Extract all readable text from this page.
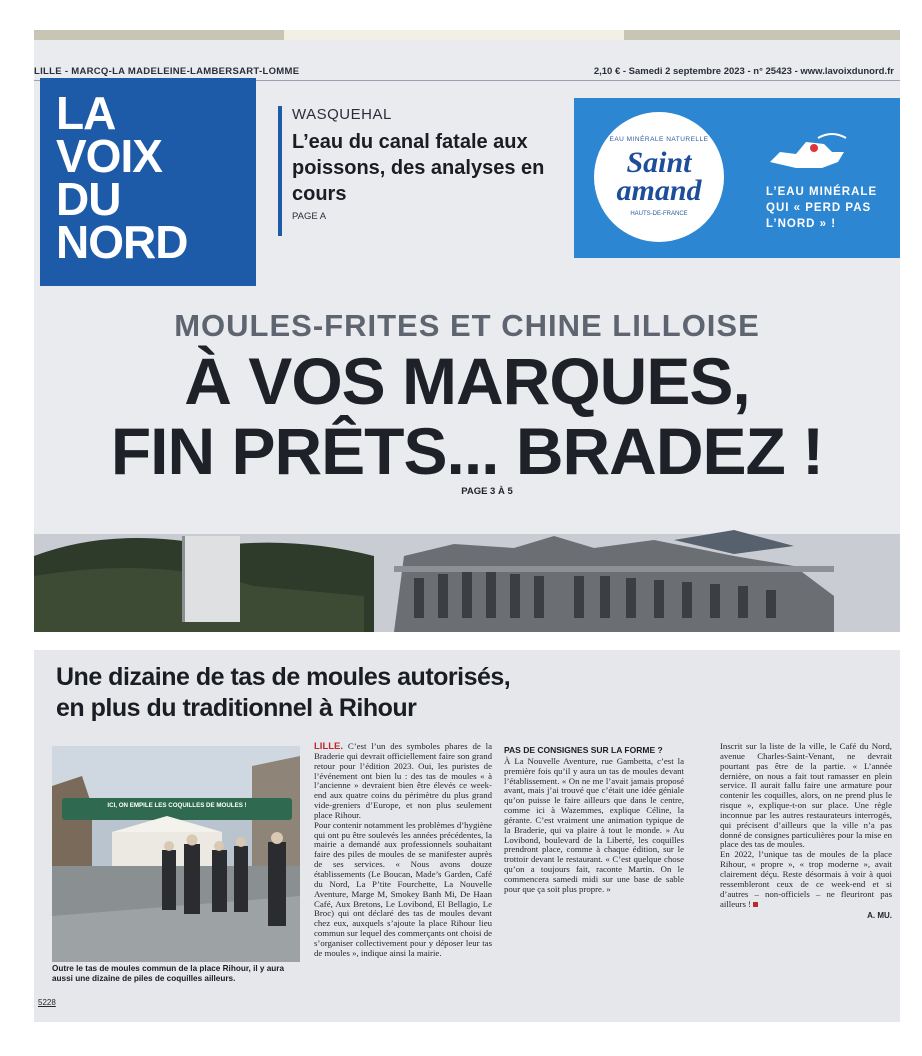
En tête LILLE - MARCQ-LA MADELEINE-LAMBERSART-LOMME	2,10 € - Samedi 2 septembre 2023 - n° 25423 - www.lavoixdunord.fr
LA
VOIX
DU
NORD
WASQUEHAL
L’eau du canal fatale aux poissons, des analyses en cours
PAGE A
EAU MINÉRALE NATURELLE
Saint
amand
HAUTS-DE-FRANCE
L’EAU MINÉRALE QUI « PERD PAS L’NORD » !
MOULES-FRITES ET CHINE LILLOISE
À VOS MARQUES,
FIN PRÊTS... BRADEZ !
PAGE 3 À 5
Une dizaine de tas de moules autorisés,
en plus du traditionnel à Rihour
ICI, ON EMPILE LES COQUILLES DE MOULES !
Outre le tas de moules commun de la place Rihour, il y aura aussi une dizaine de piles de coquilles ailleurs.

LILLE. C’est l’un des symboles phares de la Braderie qui devrait officiellement faire son grand retour pour l’édition 2023. Oui, les puristes de l’événement ont bien lu : des tas de moules « à l’ancienne » devraient bien être élevés ce week-end aux quatre coins du périmètre du plus grand vide-greniers d’Europe, et non plus seulement place Rihour.

Pour contenir notamment les problèmes d’hygiène qui ont pu être soulevés les années précédentes, la mairie a demandé aux professionnels souhaitant faire des piles de moules de se manifester auprès de ses services. « Nous avons douze établissements (Le Boucan, Made’s Garden, Café du Nord, La P’tite Fourchette, La Nouvelle Aventure, Marge M, Smokey Banh Mi, De Haan Café, Aux Bretons, Le Lovibond, El Bellagio, Le Broc) qui ont déclaré des tas de moules devant chez eux, auxquels s’ajoute la place Rihour lieu commun sur lequel des commerçants ont choisi de s’organiser collectivement pour y déposer leur tas de moules », indique ainsi la mairie.

PAS DE CONSIGNES SUR LA FORME ?

À La Nouvelle Aventure, rue Gambetta, c’est la première fois qu’il y aura un tas de moules devant l’établissement. « On ne me l’avait jamais proposé avant, mais j’ai trouvé que c’était une idée géniale qu’on puisse le faire ailleurs que dans le centre, comme ici à Wazemmes, explique Céline, la gérante. C’est vraiment une animation typique de la Braderie, qui va plaire à tout le monde. » Au Lovibond, boulevard de la Liberté, les coquilles prendront place, comme à chaque édition, sur le trottoir devant le restaurant. « C’est quelque chose qu’on a toujours fait, raconte Martin. On le commencera samedi midi sur une base de sable pour que ça soit plus propre. »

Inscrit sur la liste de la ville, le Café du Nord, avenue Charles-Saint-Venant, ne devrait pourtant pas être de la partie. « L’année dernière, on nous a fait tout ramasser en plein service. Il aurait fallu faire une armature pour contenir les coquilles, alors, on ne prend plus le risque », explique-t-on sur place. Une règle inconnue par les autres restaurateurs interrogés, qui précisent d’ailleurs que la ville n’a pas donné de consignes particulières pour la mise en place des tas de moules.

En 2022, l’unique tas de moules de la place Rihour, « propre », « trop moderne », avait clairement déçu. Reste désormais à voir à quoi ressembleront ceux de ce week-end et si d’autres – non-officiels – ne fleuriront pas ailleurs !

A. MU.
5228
